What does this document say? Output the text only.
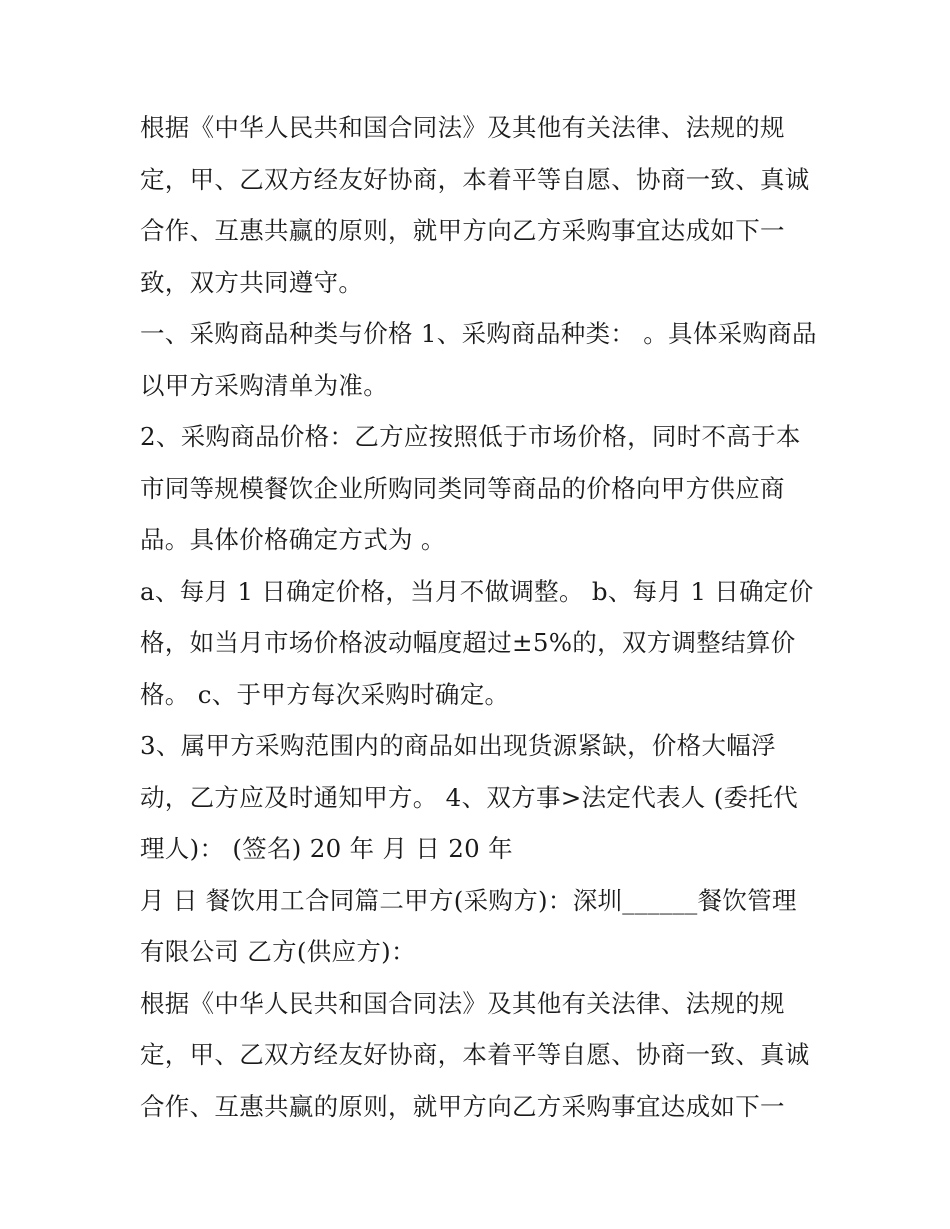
根据《中华人民共和国合同法》及其他有关法律、法规的规定，甲、乙双方经友好协商，本着平等自愿、协商一致、真诚合作、互惠共赢的原则，就甲方向乙方采购事宜达成如下一致，双方共同遵守。

一、采购商品种类与价格 1、采购商品种类： 。具体采购商品以甲方采购清单为准。

2、采购商品价格：乙方应按照低于市场价格，同时不高于本市同等规模餐饮企业所购同类同等商品的价格向甲方供应商品。具体价格确定方式为 。

a、每月 1 日确定价格，当月不做调整。 b、每月 1 日确定价格，如当月市场价格波动幅度超过±5%的，双方调整结算价格。 c、于甲方每次采购时确定。

3、属甲方采购范围内的商品如出现货源紧缺，价格大幅浮动，乙方应及时通知甲方。 4、双方事>法定代表人 (委托代理人)： (签名) 20 年 月 日 20 年

月 日 餐饮用工合同篇二甲方(采购方)：深圳______餐饮管理有限公司 乙方(供应方)：

根据《中华人民共和国合同法》及其他有关法律、法规的规定，甲、乙双方经友好协商，本着平等自愿、协商一致、真诚合作、互惠共赢的原则，就甲方向乙方采购事宜达成如下一
